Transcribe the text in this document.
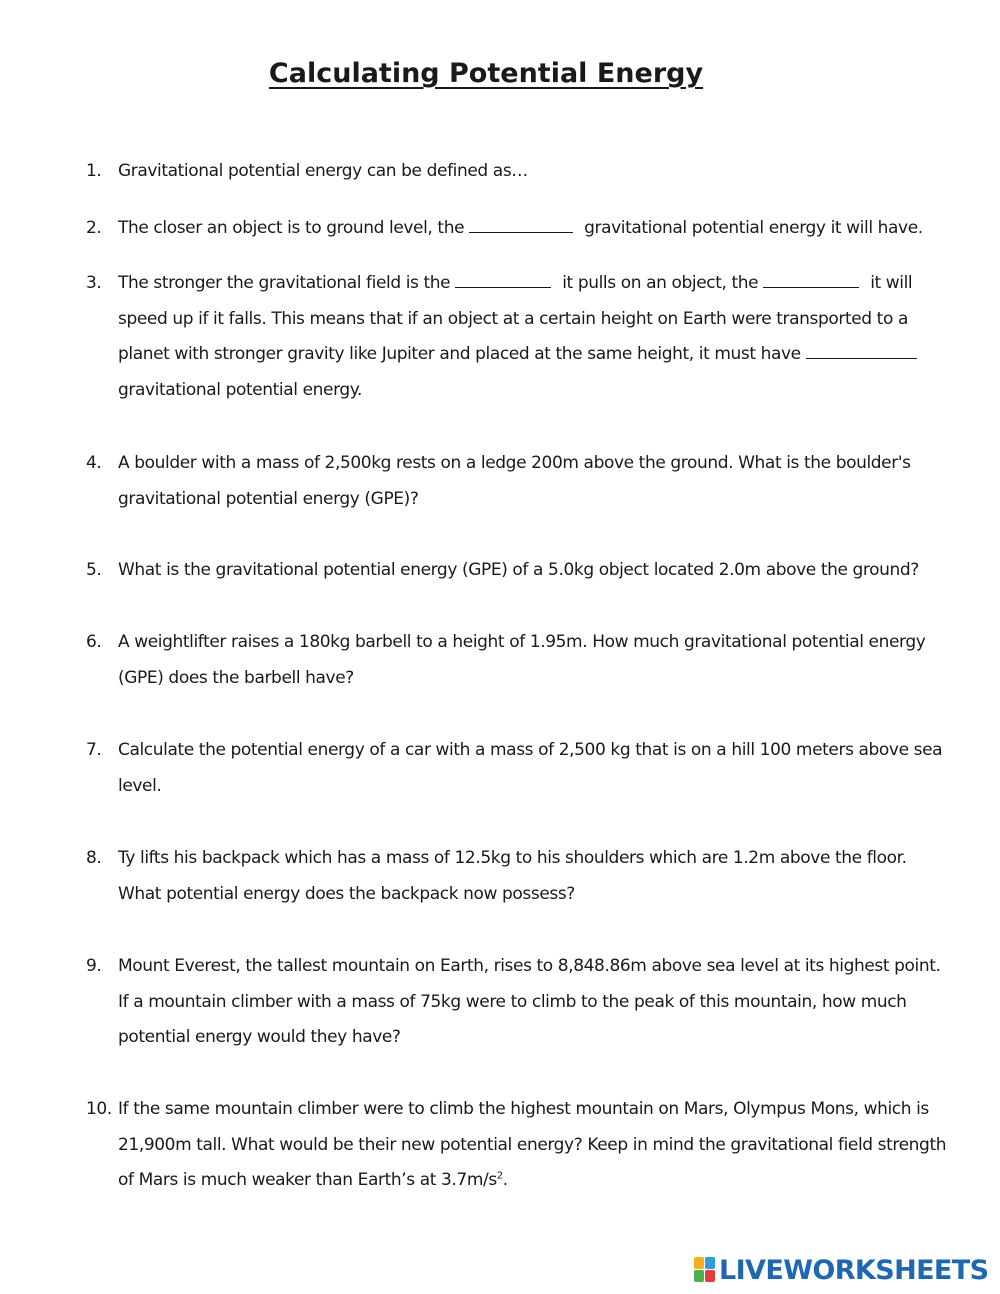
Calculating Potential Energy

1. Gravitational potential energy can be defined as…

2. The closer an object is to ground level, the	gravitational potential energy it will have.

3. The stronger the gravitational field is the	it pulls on an object, the	it will speed up if it falls. This means that if an object at a certain height on Earth were transported to a planet with stronger gravity like Jupiter and placed at the same height, it must have  gravitational potential energy.

4. A boulder with a mass of 2,500kg rests on a ledge 200m above the ground. What is the boulder's gravitational potential energy (GPE)?

5. What is the gravitational potential energy (GPE) of a 5.0kg object located 2.0m above the ground?

6. A weightlifter raises a 180kg barbell to a height of 1.95m. How much gravitational potential energy (GPE) does the barbell have?

7. Calculate the potential energy of a car with a mass of 2,500 kg that is on a hill 100 meters above sea level.

8. Ty lifts his backpack which has a mass of 12.5kg to his shoulders which are 1.2m above the floor. What potential energy does the backpack now possess?

9. Mount Everest, the tallest mountain on Earth, rises to 8,848.86m above sea level at its highest point. If a mountain climber with a mass of 75kg were to climb to the peak of this mountain, how much potential energy would they have?

10. If the same mountain climber were to climb the highest mountain on Mars, Olympus Mons, which is 21,900m tall. What would be their new potential energy? Keep in mind the gravitational field strength of Mars is much weaker than Earth’s at $3.7m/s^2$.

LIVEWORKSHEETS
